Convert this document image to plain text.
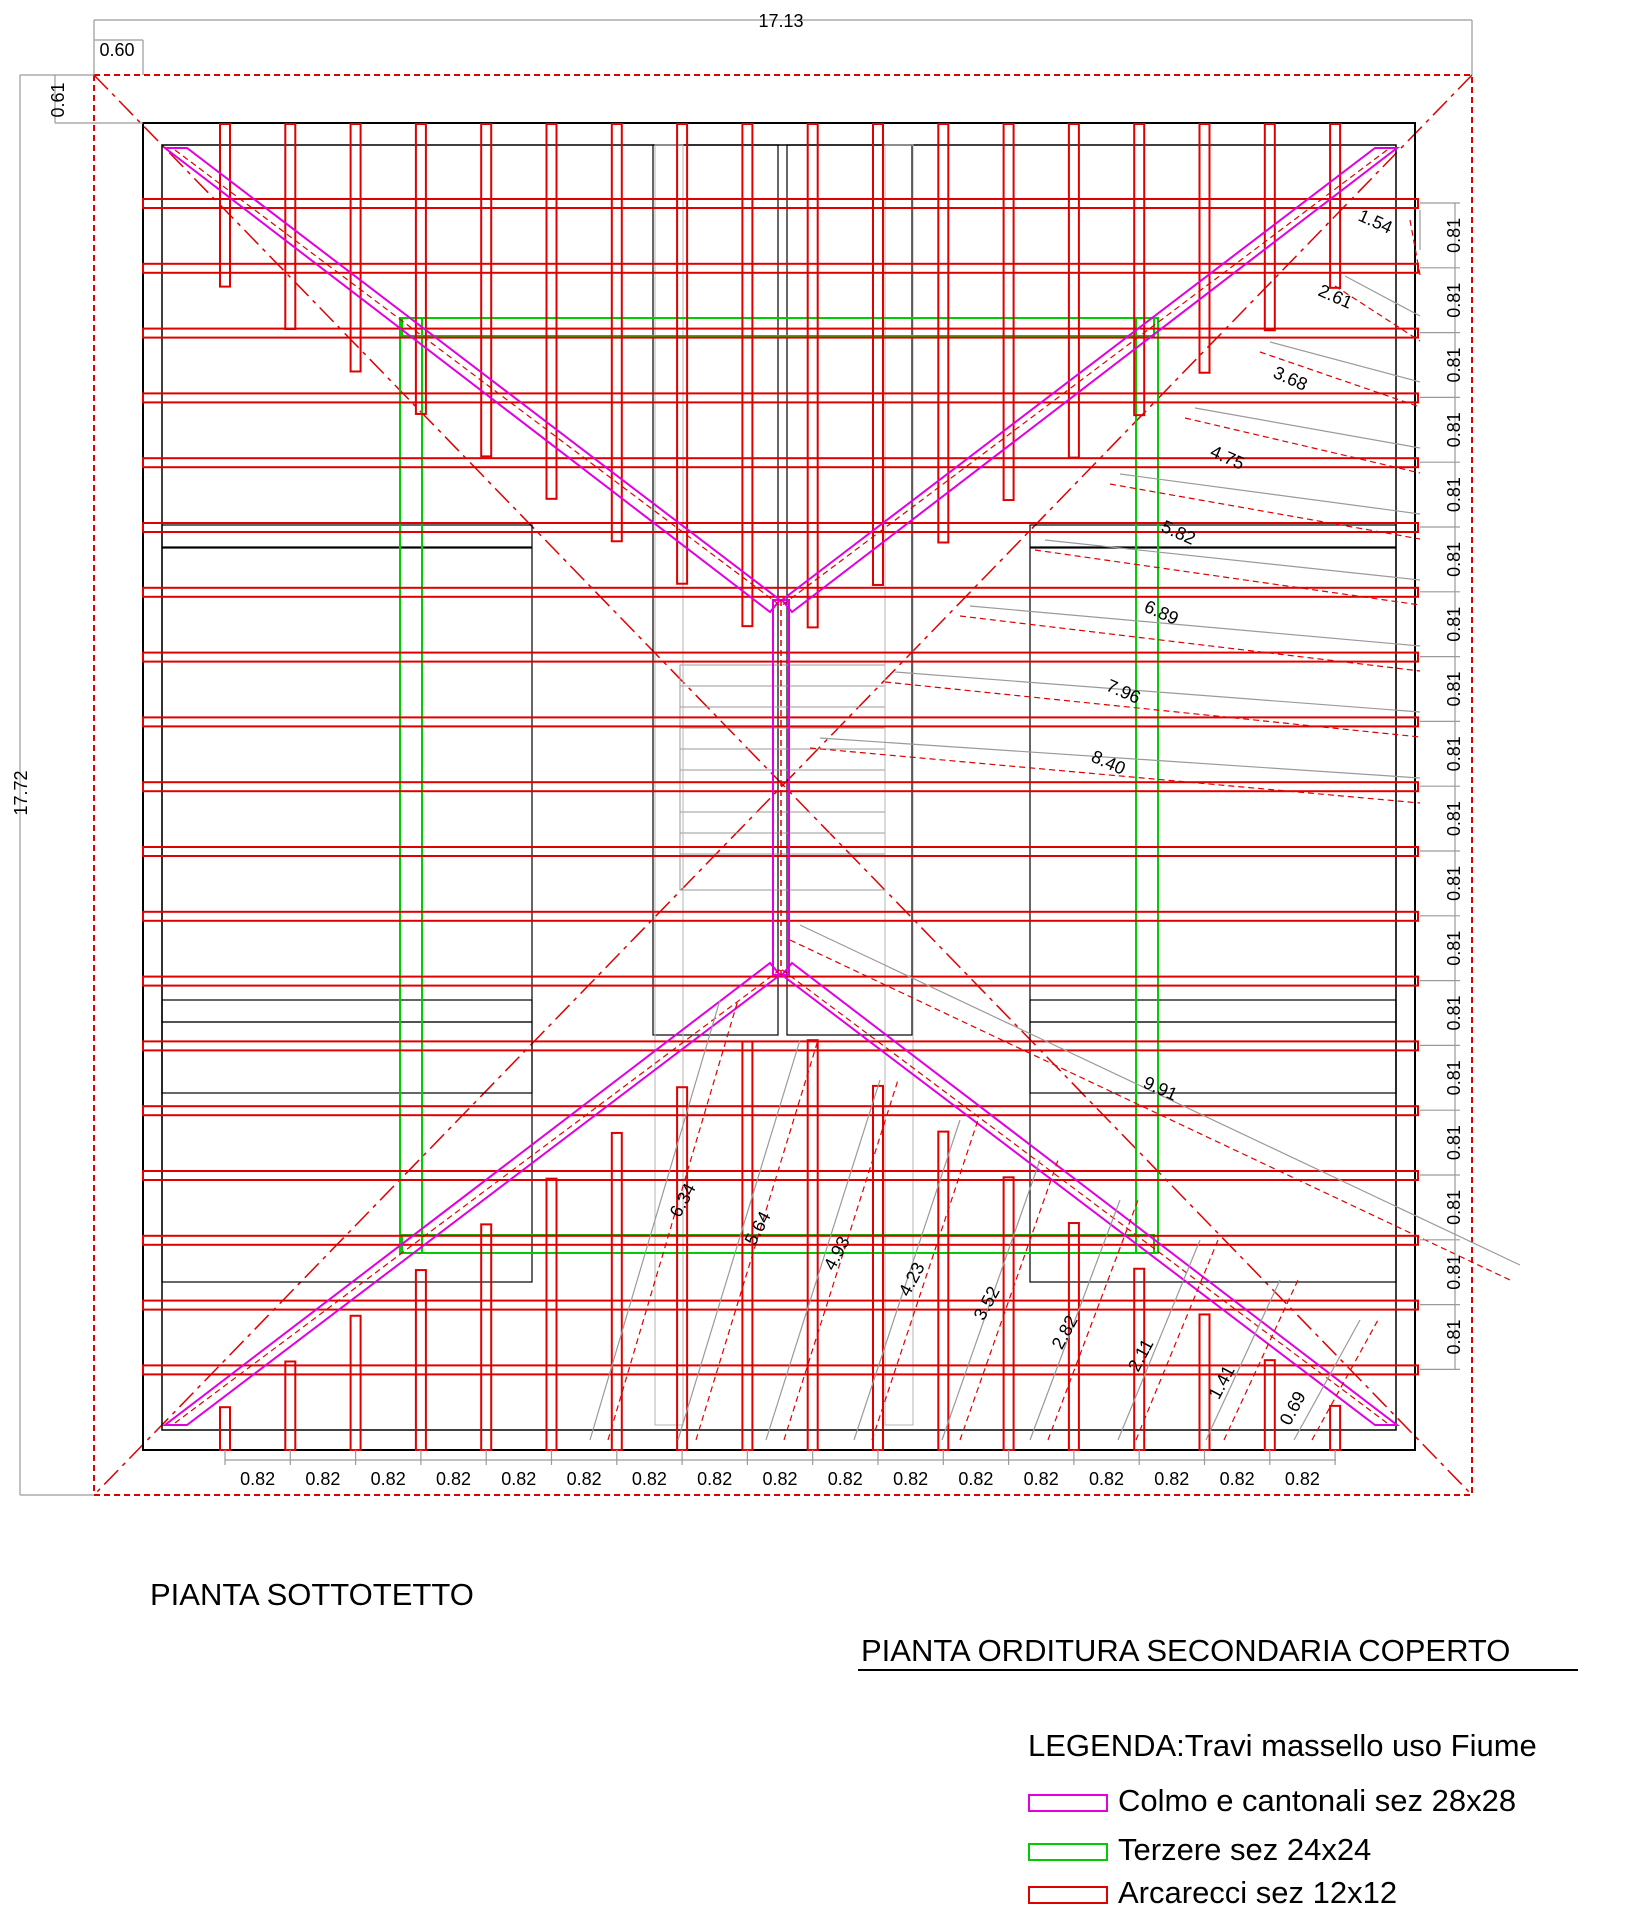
17.13
0.60
0.61
17.72
1.54
2.61
3.68
4.75
5.82
6.89
7.96
8.40
9.91
6.34
5.64
4.93
4.23
3.52
2.82
2.11
1.41
0.69
0.82 0.82 0.82 0.82 0.82 0.82 0.82 0.82 0.82 0.82 0.82 0.82 0.82 0.82 0.82 0.82 0.82
0.81
0.81
0.81
0.81
0.81
0.81
0.81
0.81
0.81
0.81
0.81
0.81
0.81
0.81
0.81
0.81
0.81
0.81
PIANTA SOTTOTETTO
PIANTA ORDITURA SECONDARIA COPERTO
LEGENDA:Travi massello uso Fiume
Colmo e cantonali sez 28x28
Terzere sez 24x24
Arcarecci sez 12x12
